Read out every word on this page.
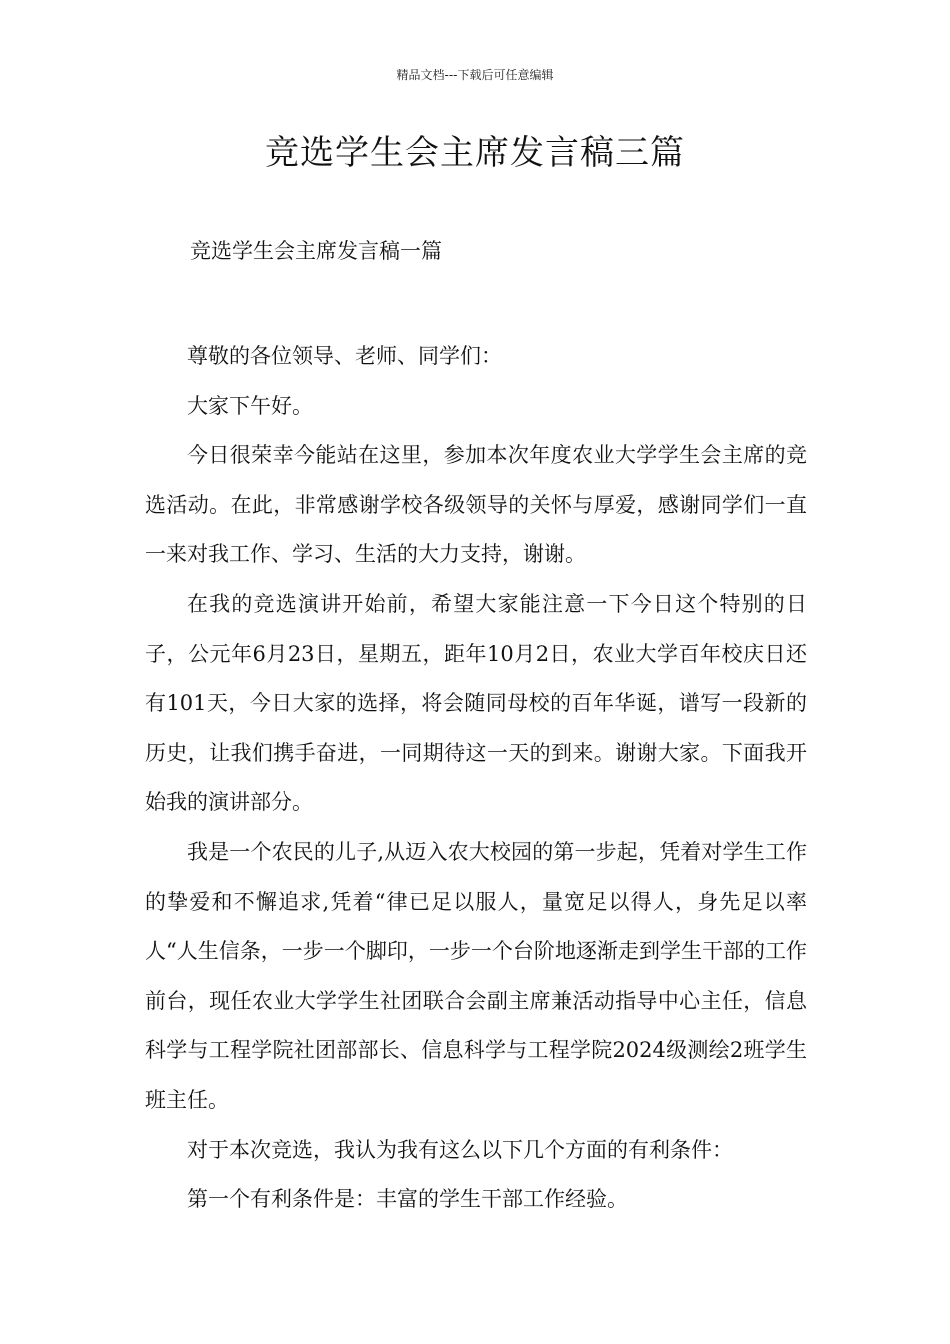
精品文档---下载后可任意编辑
竞选学生会主席发言稿三篇
竞选学生会主席发言稿一篇

尊敬的各位领导、老师、同学们：

大家下午好。

今日很荣幸今能站在这里，参加本次年度农业大学学生会主席的竞选活动。在此，非常感谢学校各级领导的关怀与厚爱，感谢同学们一直一来对我工作、学习、生活的大力支持，谢谢。

在我的竞选演讲开始前，希望大家能注意一下今日这个特别的日子，公元年6月23日，星期五，距年10月2日，农业大学百年校庆日还有101天，今日大家的选择，将会随同母校的百年华诞，谱写一段新的历史，让我们携手奋进，一同期待这一天的到来。谢谢大家。下面我开始我的演讲部分。

我是一个农民的儿子,从迈入农大校园的第一步起，凭着对学生工作的挚爱和不懈追求,凭着“律已足以服人，量宽足以得人，身先足以率人“人生信条，一步一个脚印，一步一个台阶地逐渐走到学生干部的工作前台，现任农业大学学生社团联合会副主席兼活动指导中心主任，信息科学与工程学院社团部部长、信息科学与工程学院2024级测绘2班学生班主任。

对于本次竞选，我认为我有这么以下几个方面的有利条件：

第一个有利条件是：丰富的学生干部工作经验。
